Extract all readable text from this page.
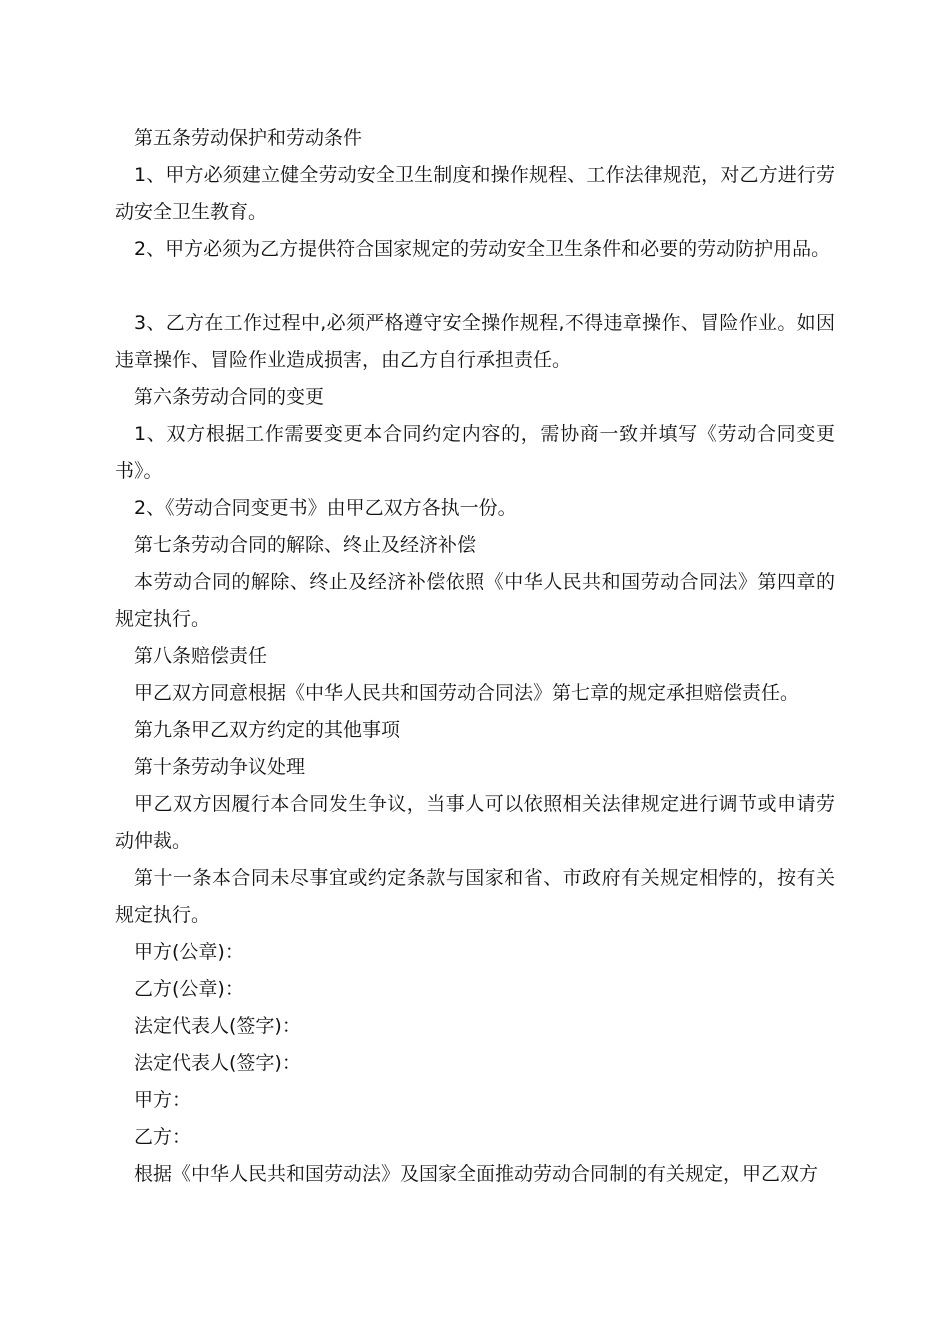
第五条劳动保护和劳动条件

1、甲方必须建立健全劳动安全卫生制度和操作规程、工作法律规范，对乙方进行劳动安全卫生教育。

2、甲方必须为乙方提供符合国家规定的劳动安全卫生条件和必要的劳动防护用品。

3、乙方在工作过程中,必须严格遵守安全操作规程,不得违章操作、冒险作业。如因违章操作、冒险作业造成损害，由乙方自行承担责任。

第六条劳动合同的变更

1、双方根据工作需要变更本合同约定内容的，需协商一致并填写《劳动合同变更书》。

2、《劳动合同变更书》由甲乙双方各执一份。

第七条劳动合同的解除、终止及经济补偿

本劳动合同的解除、终止及经济补偿依照《中华人民共和国劳动合同法》第四章的规定执行。

第八条赔偿责任

甲乙双方同意根据《中华人民共和国劳动合同法》第七章的规定承担赔偿责任。

第九条甲乙双方约定的其他事项

第十条劳动争议处理

甲乙双方因履行本合同发生争议，当事人可以依照相关法律规定进行调节或申请劳动仲裁。

第十一条本合同未尽事宜或约定条款与国家和省、市政府有关规定相悖的，按有关规定执行。

甲方(公章)：

乙方(公章)：

法定代表人(签字)：

法定代表人(签字)：

甲方：

乙方：

根据《中华人民共和国劳动法》及国家全面推动劳动合同制的有关规定，甲乙双方
